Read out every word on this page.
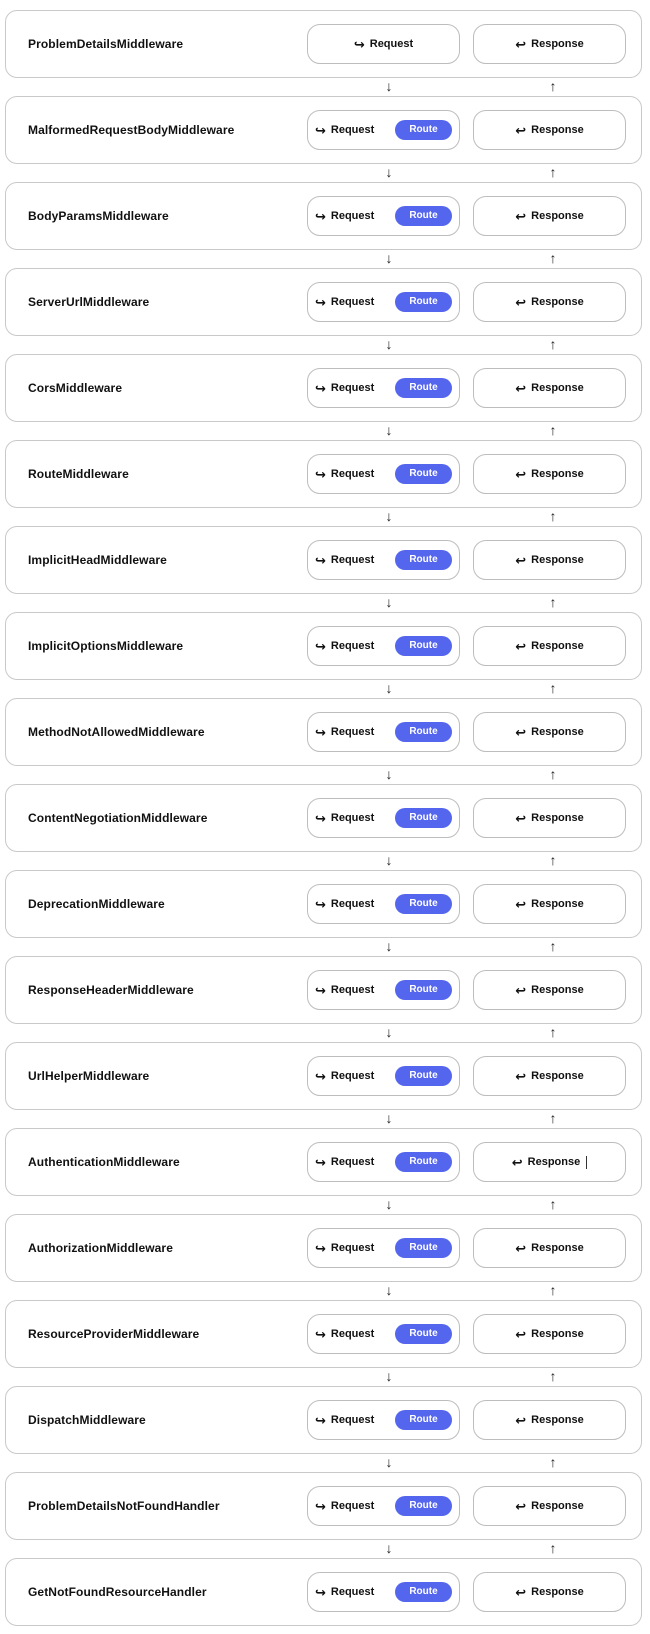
ProblemDetailsMiddleware	↪ Request	↩ Response
↓	↑
MalformedRequestBodyMiddleware	↪ Request	Route	↩ Response
↓	↑
BodyParamsMiddleware	↪ Request	Route	↩ Response
↓	↑
ServerUrlMiddleware	↪ Request	Route	↩ Response
↓	↑
CorsMiddleware	↪ Request	Route	↩ Response
↓	↑
RouteMiddleware	↪ Request	Route	↩ Response
↓	↑
ImplicitHeadMiddleware	↪ Request	Route	↩ Response
↓	↑
ImplicitOptionsMiddleware	↪ Request	Route	↩ Response
↓	↑
MethodNotAllowedMiddleware	↪ Request	Route	↩ Response
↓	↑
ContentNegotiationMiddleware	↪ Request	Route	↩ Response
↓	↑
DeprecationMiddleware	↪ Request	Route	↩ Response
↓	↑
ResponseHeaderMiddleware	↪ Request	Route	↩ Response
↓	↑
UrlHelperMiddleware	↪ Request	Route	↩ Response
↓	↑
AuthenticationMiddleware	↪ Request	Route	↩ Response
↓	↑
AuthorizationMiddleware	↪ Request	Route	↩ Response
↓	↑
ResourceProviderMiddleware	↪ Request	Route	↩ Response
↓	↑
DispatchMiddleware	↪ Request	Route	↩ Response
↓	↑
ProblemDetailsNotFoundHandler	↪ Request	Route	↩ Response
↓	↑
GetNotFoundResourceHandler	↪ Request	Route	↩ Response
